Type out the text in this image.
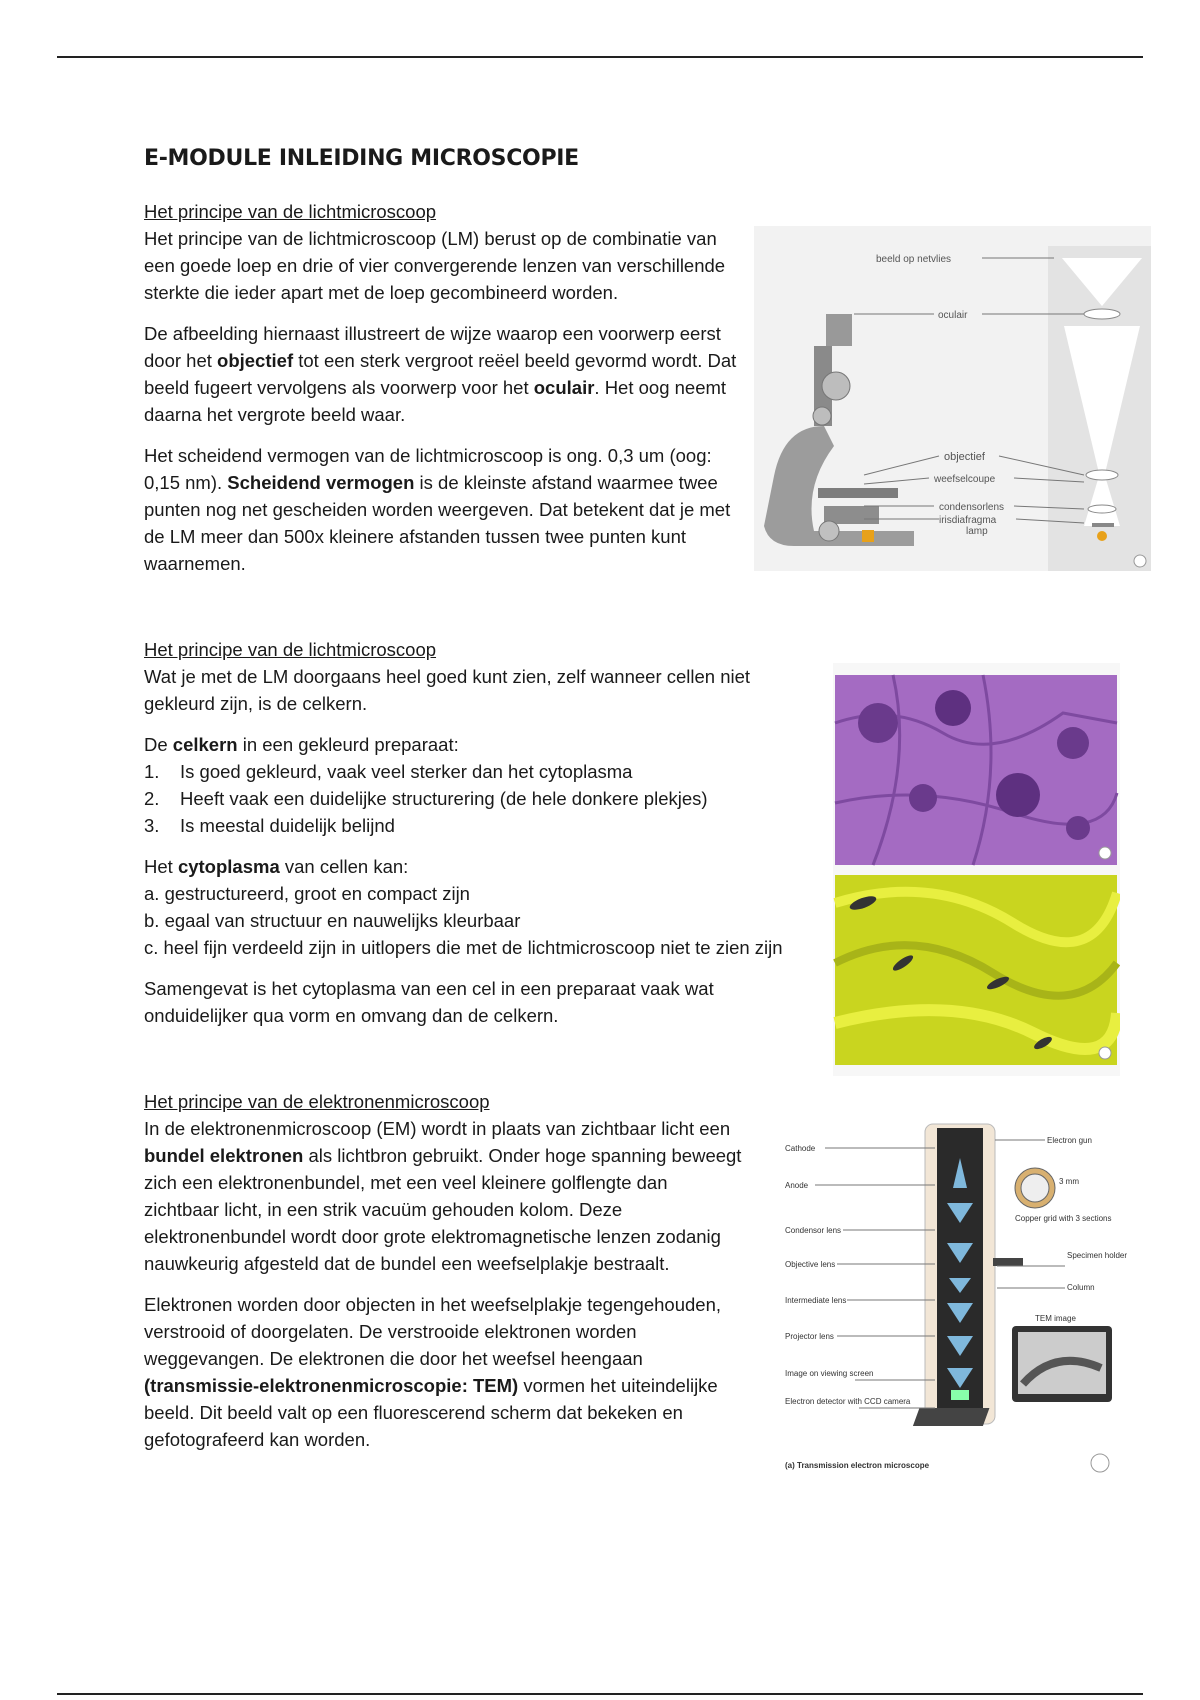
E-MODULE INLEIDING MICROSCOPIE
Het principe van de lichtmicroscoop

Het principe van de lichtmicroscoop (LM) berust op de combinatie van een goede loep en drie of vier convergerende lenzen van verschillende sterkte die ieder apart met de loep gecombineerd worden.

De afbeelding hiernaast illustreert de wijze waarop een voorwerp eerst door het objectief tot een sterk vergroot reëel beeld gevormd wordt. Dat beeld fugeert vervolgens als voorwerp voor het oculair. Het oog neemt daarna het vergrote beeld waar.

Het scheidend vermogen van de lichtmicroscoop is ong. 0,3 um (oog: 0,15 nm). Scheidend vermogen is de kleinste afstand waarmee twee punten nog net gescheiden worden weergeven. Dat betekent dat je met de LM meer dan 500x kleinere afstanden tussen twee punten kunt waarnemen.

beeld op netvlies
oculair
objectief
weefselcoupe
condensorlens
irisdiafragma
lamp
Het principe van de lichtmicroscoop

Wat je met de LM doorgaans heel goed kunt zien, zelf wanneer cellen niet gekleurd zijn, is de celkern.

De celkern in een gekleurd preparaat:

1.	Is goed gekleurd, vaak veel sterker dan het cytoplasma
2.	Heeft vaak een duidelijke structurering (de hele donkere plekjes)
3.	Is meestal duidelijk belijnd

Het cytoplasma van cellen kan:

a. gestructureerd, groot en compact zijn
b. egaal van structuur en nauwelijks kleurbaar
c. heel fijn verdeeld zijn in uitlopers die met de lichtmicroscoop niet te zien zijn

Samengevat is het cytoplasma van een cel in een preparaat vaak wat onduidelijker qua vorm en omvang dan de celkern.

Het principe van de elektronenmicroscoop

In de elektronenmicroscoop (EM) wordt in plaats van zichtbaar licht een bundel elektronen als lichtbron gebruikt. Onder hoge spanning beweegt zich een elektronenbundel, met een veel kleinere golflengte dan zichtbaar licht, in een strik vacuüm gehouden kolom. Deze elektronenbundel wordt door grote elektromagnetische lenzen zodanig nauwkeurig afgesteld dat de bundel een weefselplakje bestraalt.

Elektronen worden door objecten in het weefselplakje tegengehouden, verstrooid of doorgelaten. De verstrooide elektronen worden weggevangen. De elektronen die door het weefsel heengaan (transmissie-elektronenmicroscopie: TEM) vormen het uiteindelijke beeld. Dit beeld valt op een fluorescerend scherm dat bekeken en gefotografeerd kan worden.

Cathode
Anode
Condensor lens
Objective lens
Intermediate lens
Projector lens
Image on viewing screen
Electron detector with CCD camera
Electron gun
3 mm
Copper grid with 3 sections
Specimen holder
Column
TEM image
(a) Transmission electron microscope
